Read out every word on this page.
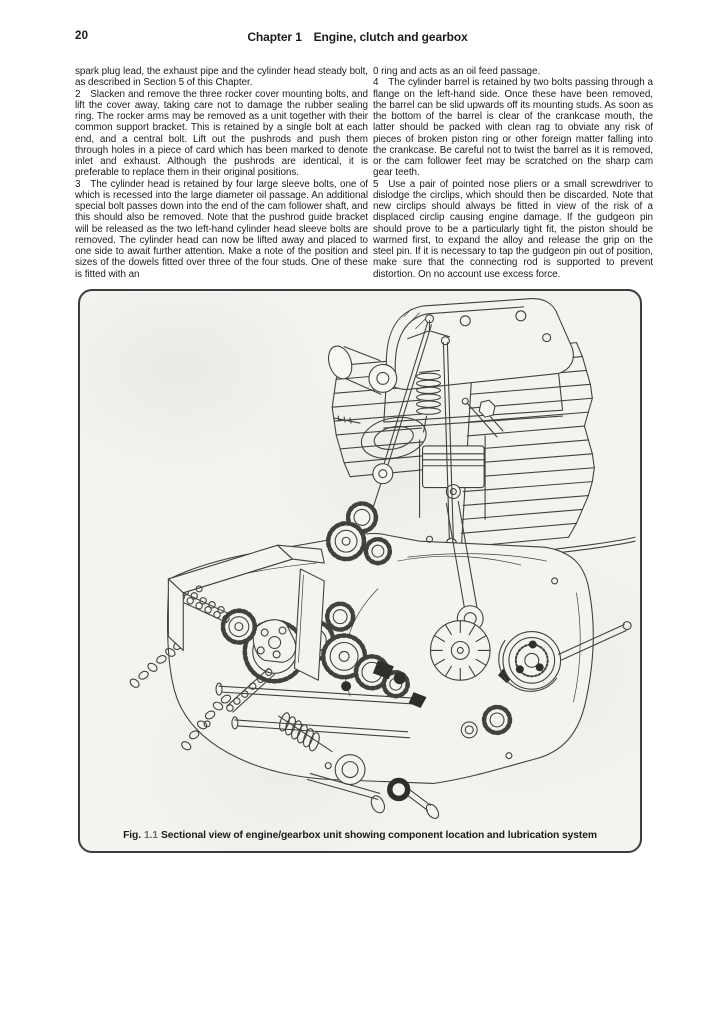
20	Chapter 1  Engine, clutch and gearbox

spark plug lead, the exhaust pipe and the cylinder head steady bolt, as described in Section 5 of this Chapter.

2  Slacken and remove the three rocker cover mounting bolts, and lift the cover away, taking care not to damage the rubber sealing ring. The rocker arms may be removed as a unit together with their common support bracket. This is retained by a single bolt at each end, and a central bolt. Lift out the pushrods and push them through holes in a piece of card which has been marked to denote inlet and exhaust. Although the pushrods are identical, it is preferable to replace them in their original positions.

3  The cylinder head is retained by four large sleeve bolts, one of which is recessed into the large diameter oil passage. An additional special bolt passes down into the end of the cam follower shaft, and this should also be removed. Note that the pushrod guide bracket will be released as the two left-hand cylinder head sleeve bolts are removed. The cylinder head can now be lifted away and placed to one side to await further attention. Make a note of the position and sizes of the dowels fitted over three of the four studs. One of these is fitted with an

0 ring and acts as an oil feed passage.

4  The cylinder barrel is retained by two bolts passing through a flange on the left-hand side. Once these have been removed, the barrel can be slid upwards off its mounting studs. As soon as the bottom of the barrel is clear of the crankcase mouth, the latter should be packed with clean rag to obviate any risk of pieces of broken piston ring or other foreign matter falling into the crankcase. Be careful not to twist the barrel as it is removed, or the cam follower feet may be scratched on the sharp cam gear teeth.

5  Use a pair of pointed nose pliers or a small screwdriver to dislodge the circlips, which should then be discarded. Note that new circlips should always be fitted in view of the risk of a displaced circlip causing engine damage. If the gudgeon pin should prove to be a particularly tight fit, the piston should be warmed first, to expand the alloy and release the grip on the steel pin. If it is necessary to tap the gudgeon pin out of position, make sure that the connecting rod is supported to prevent distortion. On no account use excess force.

Fig. 1.1 Sectional view of engine/gearbox unit showing component location and lubrication system
